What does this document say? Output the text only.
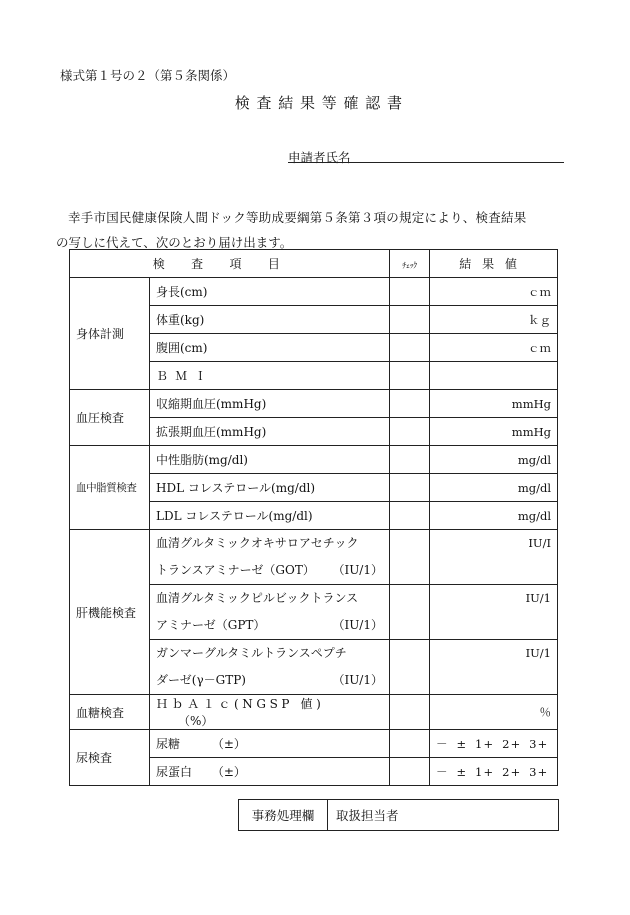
様式第１号の２（第５条関係）
検査結果等確認書
申請者氏名
幸手市国民健康保険人間ドック等助成要綱第５条第３項の規定により、検査結果
の写しに代えて、次のとおり届け出ます。
検査項目		ﾁｪｯｸ	結果値
身体計測	身長(cm)		ｃｍ
	体重(kg)		ｋｇ
	腹囲(cm)		ｃｍ
	ＢＭＩ		
血圧検査	収縮期血圧(mmHg)		mmHg
	拡張期血圧(mmHg)		mmHg
血中脂質検査	中性脂肪(mg/dl)		mg/dl
	HDL コレステロール(mg/dl)		mg/dl
	LDL コレステロール(mg/dl)		mg/dl
肝機能検査	血清グルタミックオキサロアセチック
トランスアミナーゼ（GOT） （IU/1）		IU/I

	血清グルタミックピルビックトランス
アミナーゼ（GPT） （IU/1）		IU/1

	ガンマーグルタミルトランスペプチ
ダーゼ(γ－GTP) （IU/1）		IU/1
血糖検査	ＨｂＡ１ｃ(NGSP 値) （%）		％
尿検査	尿糖 （±）		－ ± 1+ 2+ 3+
	尿蛋白 （±）		－ ± 1+ 2+ 3+
事務処理欄	取扱担当者
